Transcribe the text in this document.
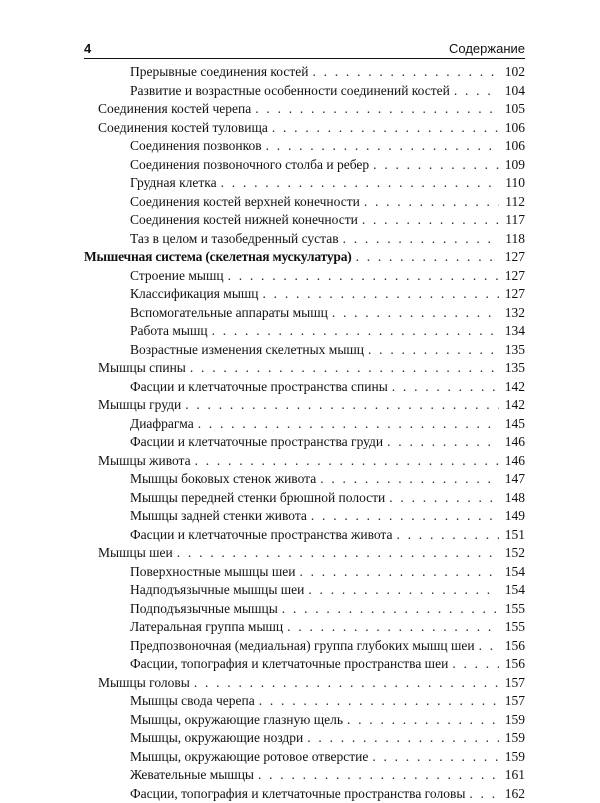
4	Содержание
Прерывные соединения костей . . .	102
Развитие и возрастные особенности соединений костей . . .	104
Соединения костей черепа . . .	105
Соединения костей туловища . . .	106
Соединения позвонков . . .	106
Соединения позвоночного столба и ребер . . .	109
Грудная клетка . . .	110
Соединения костей верхней конечности . . .	112
Соединения костей нижней конечности . . .	117
Таз в целом и тазобедренный сустав . . .	118
Мышечная система (скелетная мускулатура) . . .	127
Строение мышц . . .	127
Классификация мышц . . .	127
Вспомогательные аппараты мышц . . .	132
Работа мышц . . .	134
Возрастные изменения скелетных мышц . . .	135
Мышцы спины . . .	135
Фасции и клетчаточные пространства спины . . .	142
Мышцы груди . . .	142
Диафрагма . . .	145
Фасции и клетчаточные пространства груди . . .	146
Мышцы живота . . .	146
Мышцы боковых стенок живота . . .	147
Мышцы передней стенки брюшной полости . . .	148
Мышцы задней стенки живота . . .	149
Фасции и клетчаточные пространства живота . . .	151
Мышцы шеи . . .	152
Поверхностные мышцы шеи . . .	154
Надподъязычные мышцы шеи . . .	154
Подподъязычные мышцы . . .	155
Латеральная группа мышц . . .	155
Предпозвоночная (медиальная) группа глубоких мышц шеи . . . 156
Фасции, топография и клетчаточные пространства шеи . . .	156
Мышцы головы . . .	157
Мышцы свода черепа . . .	157
Мышцы, окружающие глазную щель . . .	159
Мышцы, окружающие ноздри . . .	159
Мышцы, окружающие ротовое отверстие . . .	159
Жевательные мышцы . . .	161
Фасции, топография и клетчаточные пространства головы . . .	162
